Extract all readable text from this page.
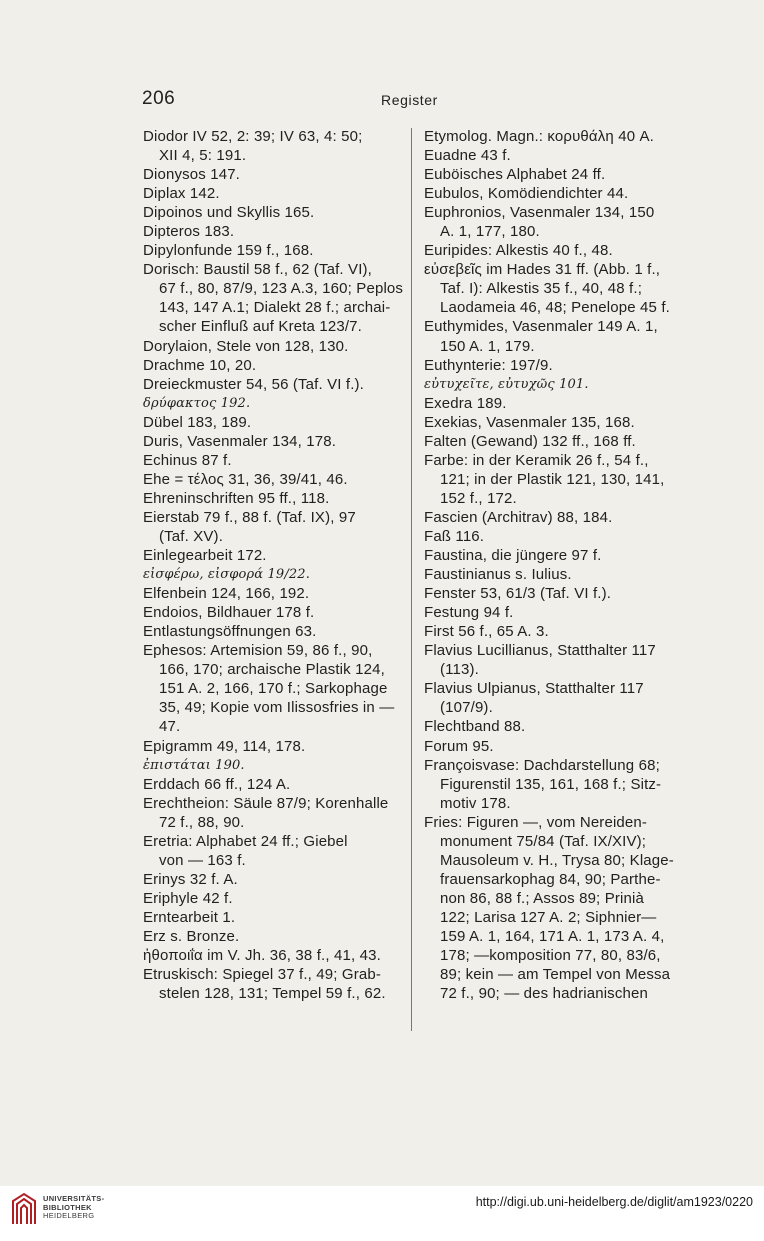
206	Register
Diodor IV 52, 2: 39; IV 63, 4: 50;
XII 4, 5: 191.
Dionysos 147.
Diplax 142.
Dipoinos und Skyllis 165.
Dipteros 183.
Dipylonfunde 159 f., 168.
Dorisch: Baustil 58 f., 62 (Taf. VI),
67 f., 80, 87/9, 123 A.3, 160; Peplos
143, 147 A.1; Dialekt 28 f.; archai-
scher Einfluß auf Kreta 123/7.
Dorylaion, Stele von 128, 130.
Drachme 10, 20.
Dreieckmuster 54, 56 (Taf. VI f.).
δρύφακτος 192.
Dübel 183, 189.
Duris, Vasenmaler 134, 178.
Echinus 87 f.
Ehe = τέλος 31, 36, 39/41, 46.
Ehreninschriften 95 ff., 118.
Eierstab 79 f., 88 f. (Taf. IX), 97
(Taf. XV).
Einlegearbeit 172.
εἰσφέρω, εἰσφορά 19/22.
Elfenbein 124, 166, 192.
Endoios, Bildhauer 178 f.
Entlastungsöffnungen 63.
Ephesos: Artemision 59, 86 f., 90,
166, 170; archaische Plastik 124,
151 A. 2, 166, 170 f.; Sarkophage
35, 49; Kopie vom Ilissosfries in —
47.
Epigramm 49, 114, 178.
ἐπιστάται 190.
Erddach 66 ff., 124 A.
Erechtheion: Säule 87/9; Korenhalle
72 f., 88, 90.
Eretria: Alphabet 24 ff.; Giebel
von — 163 f.
Erinys 32 f. A.
Eriphyle 42 f.
Erntearbeit 1.
Erz s. Bronze.
ἠθοποιΐα im V. Jh. 36, 38 f., 41, 43.
Etruskisch: Spiegel 37 f., 49; Grab-
stelen 128, 131; Tempel 59 f., 62.
Etymolog. Magn.: κορυθάλη 40 A.
Euadne 43 f.
Euböisches Alphabet 24 ff.
Eubulos, Komödiendichter 44.
Euphronios, Vasenmaler 134, 150
A. 1, 177, 180.
Euripides: Alkestis 40 f., 48.
εὐσεβεῖς im Hades 31 ff. (Abb. 1 f.,
Taf. I): Alkestis 35 f., 40, 48 f.;
Laodameia 46, 48; Penelope 45 f.
Euthymides, Vasenmaler 149 A. 1,
150 A. 1, 179.
Euthynterie: 197/9.
εὐτυχεῖτε, εὐτυχῶς 101.
Exedra 189.
Exekias, Vasenmaler 135, 168.
Falten (Gewand) 132 ff., 168 ff.
Farbe: in der Keramik 26 f., 54 f.,
121; in der Plastik 121, 130, 141,
152 f., 172.
Fascien (Architrav) 88, 184.
Faß 116.
Faustina, die jüngere 97 f.
Faustinianus s. Iulius.
Fenster 53, 61/3 (Taf. VI f.).
Festung 94 f.
First 56 f., 65 A. 3.
Flavius Lucillianus, Statthalter 117
(113).
Flavius Ulpianus, Statthalter 117
(107/9).
Flechtband 88.
Forum 95.
Françoisvase: Dachdarstellung 68;
Figurenstil 135, 161, 168 f.; Sitz-
motiv 178.
Fries: Figuren —, vom Nereiden-
monument 75/84 (Taf. IX/XIV);
Mausoleum v. H., Trysa 80; Klage-
frauensarkophag 84, 90; Parthe-
non 86, 88 f.; Assos 89; Prinià
122; Larisa 127 A. 2; Siphnier—
159 A. 1, 164, 171 A. 1, 173 A. 4,
178; —komposition 77, 80, 83/6,
89; kein — am Tempel von Messa
72 f., 90; — des hadrianischen
UNIVERSITÄTS-
BIBLIOTHEK
HEIDELBERG
http://digi.ub.uni-heidelberg.de/diglit/am1923/0220
